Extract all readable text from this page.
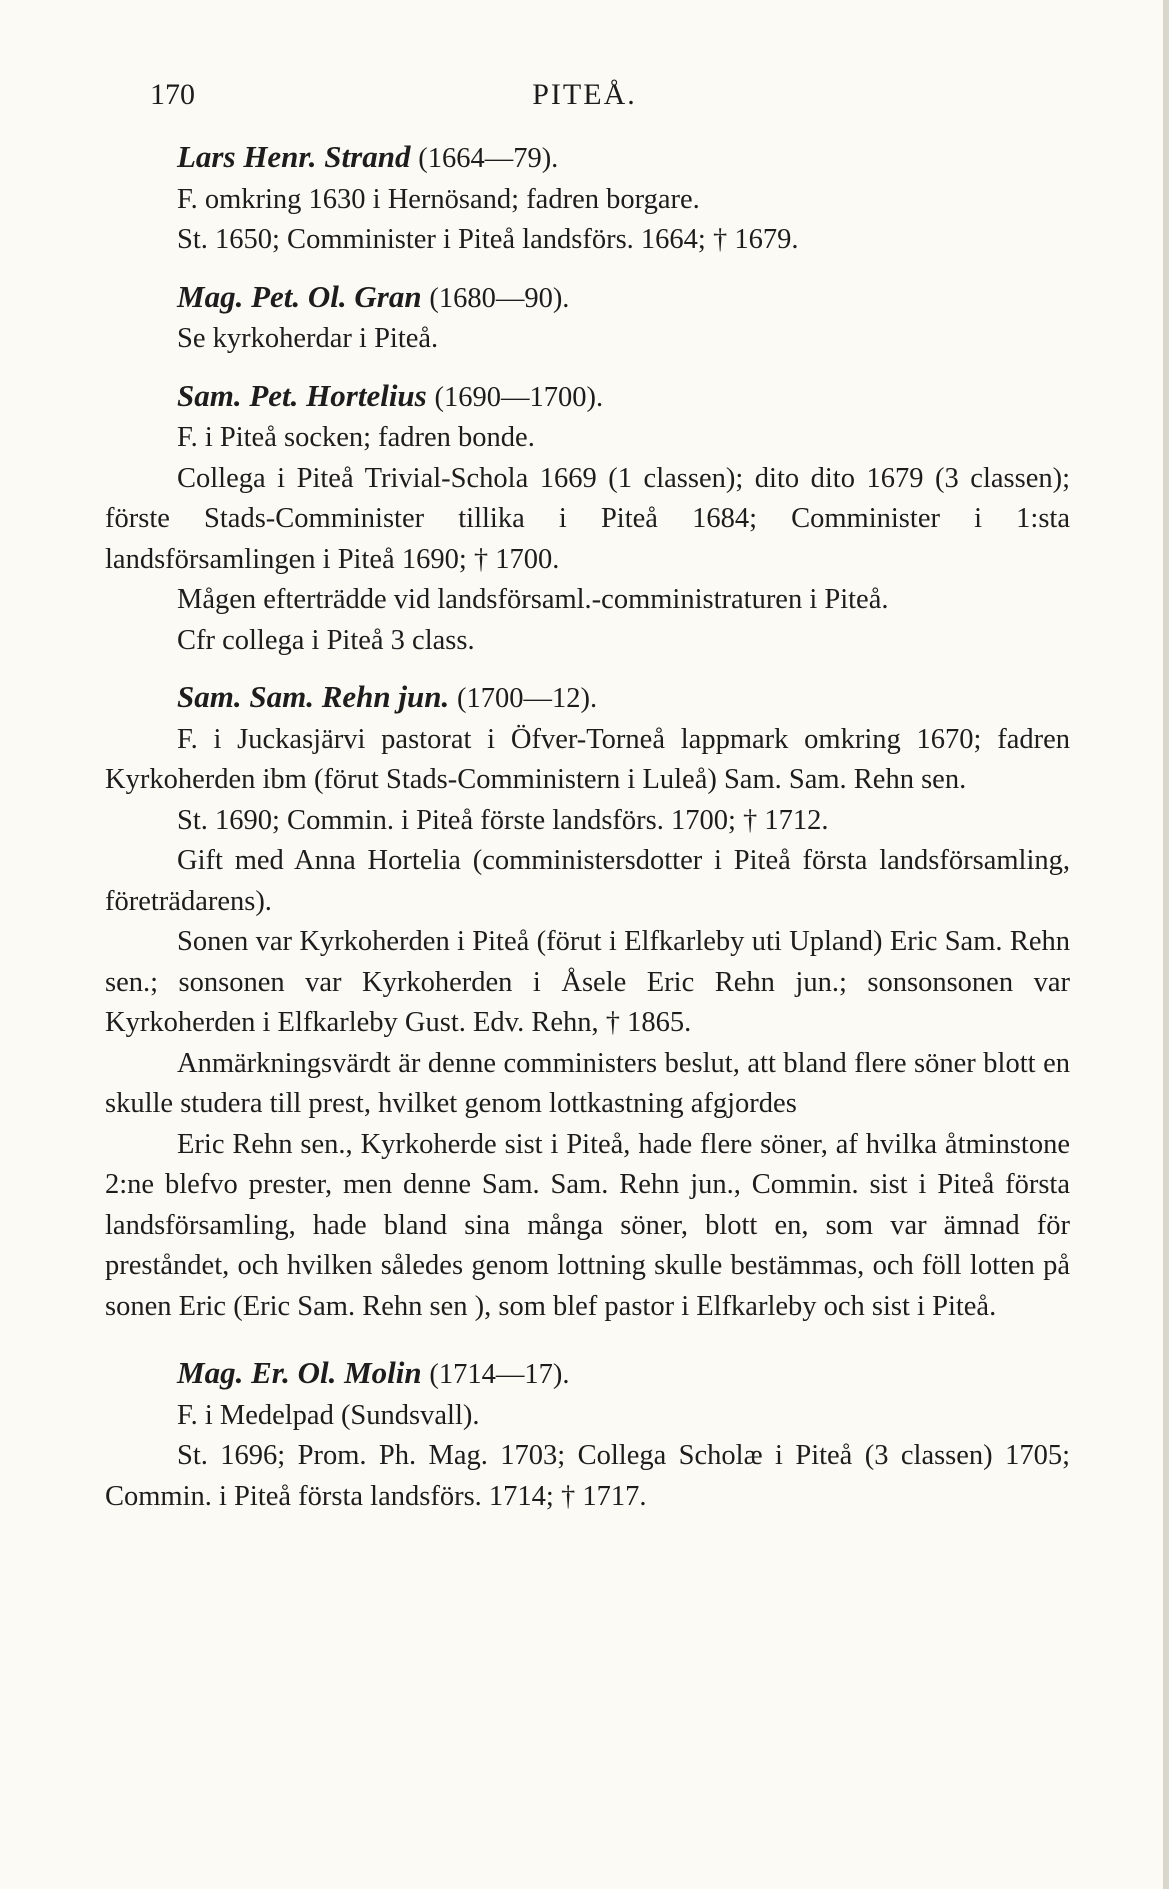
170	PITEÅ.

Lars Henr. Strand (1664—79).

F. omkring 1630 i Hernösand; fadren borgare.

St. 1650; Comminister i Piteå landsförs. 1664; † 1679.

Mag. Pet. Ol. Gran (1680—90).

Se kyrkoherdar i Piteå.

Sam. Pet. Hortelius (1690—1700).

F. i Piteå socken; fadren bonde.

Collega i Piteå Trivial-Schola 1669 (1 classen); dito dito 1679 (3 classen); förste Stads-Comminister tillika i Piteå 1684; Comminister i 1:sta landsförsamlingen i Piteå 1690; † 1700.

Mågen efterträdde vid landsförsaml.-comministraturen i Piteå.

Cfr collega i Piteå 3 class.

Sam. Sam. Rehn jun. (1700—12).

F. i Juckasjärvi pastorat i Öfver-Torneå lappmark omkring 1670; fadren Kyrkoherden ibm (förut Stads-Comministern i Luleå) Sam. Sam. Rehn sen.

St. 1690; Commin. i Piteå förste landsförs. 1700; † 1712.

Gift med Anna Hortelia (comministersdotter i Piteå första landsförsamling, företrädarens).

Sonen var Kyrkoherden i Piteå (förut i Elfkarleby uti Upland) Eric Sam. Rehn sen.; sonsonen var Kyrkoherden i Åsele Eric Rehn jun.; sonsonsonen var Kyrkoherden i Elfkarleby Gust. Edv. Rehn, † 1865.

Anmärkningsvärdt är denne comministers beslut, att bland flere söner blott en skulle studera till prest, hvilket genom lottkastning afgjordes

Eric Rehn sen., Kyrkoherde sist i Piteå, hade flere söner, af hvilka åtminstone 2:ne blefvo prester, men denne Sam. Sam. Rehn jun., Commin. sist i Piteå första landsförsamling, hade bland sina många söner, blott en, som var ämnad för preståndet, och hvilken således genom lottning skulle bestämmas, och föll lotten på sonen Eric (Eric Sam. Rehn sen ), som blef pastor i Elfkarleby och sist i Piteå.

Mag. Er. Ol. Molin (1714—17).

F. i Medelpad (Sundsvall).

St. 1696; Prom. Ph. Mag. 1703; Collega Scholæ i Piteå (3 classen) 1705; Commin. i Piteå första landsförs. 1714; † 1717.
